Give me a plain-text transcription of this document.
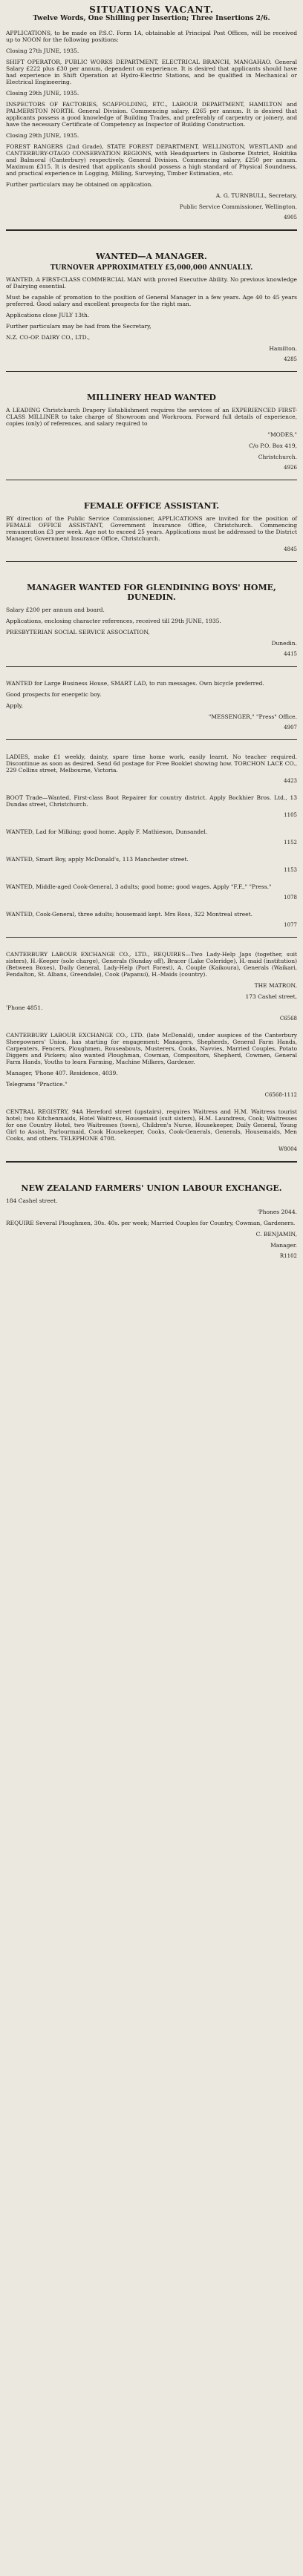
SITUATIONS VACANT.
Twelve Words, One Shilling per Insertion; Three Insertions 2/6.
APPLICATIONS, to be made on P.S.C. Form 1A, obtainable at Principal Post Offices, will be received up to NOON for the following positions:
Closing 27th JUNE, 1935.
SHIFT OPERATOR, PUBLIC WORKS DEPARTMENT, ELECTRICAL BRANCH, MANGAHAO. General Salary £222 plus £30 per annum, dependent on experience. It is desired that applicants should have had experience in Shift Operation at Hydro-Electric Stations, and be qualified in Mechanical or Electrical Engineering.
Closing 29th JUNE, 1935.
INSPECTORS OF FACTORIES, SCAFFOLDING, ETC., LABOUR DEPARTMENT, HAMILTON and PALMERSTON NORTH. General Division. Commencing salary, £265 per annum. It is desired that applicants possess a good knowledge of Building Trades, and preferably of carpentry or joinery, and have the necessary Certificate of Competency as Inspector of Building Construction.
Closing 29th JUNE, 1935.
FOREST RANGERS (2nd Grade), STATE FOREST DEPARTMENT, WELLINGTON, WESTLAND and CANTERBURY-OTAGO CONSERVATION REGIONS, with Headquarters in Gisborne District, Hokitika and Balmoral (Canterbury) respectively. General Division. Commencing salary, £250 per annum. Maximum £315. It is desired that applicants should possess a high standard of Physical Soundness, and practical experience in Logging, Milling, Surveying, Timber Estimation, etc.
Further particulars may be obtained on application.
A. G. TURNBULL, Secretary,
Public Service Commissioner, Wellington.
4905
WANTED—A MANAGER.
TURNOVER APPROXIMATELY £5,000,000 ANNUALLY.
WANTED, A FIRST-CLASS COMMERCIAL MAN with proved Executive Ability. No previous knowledge of Dairying essential.
Must be capable of promotion to the position of General Manager in a few years. Age 40 to 45 years preferred. Good salary and excellent prospects for the right man.
Applications close JULY 13th.
Further particulars may be had from the Secretary,
N.Z. CO-OP. DAIRY CO., LTD.,
Hamilton.
4285
MILLINERY HEAD WANTED
A LEADING Christchurch Drapery Establishment requires the services of an EXPERIENCED FIRST-CLASS MILLINER to take charge of Showroom and Workroom. Forward full details of experience, copies (only) of references, and salary required to
"MODES,"
C/o P.O. Box 419,
Christchurch.
4926
FEMALE OFFICE ASSISTANT.
BY direction of the Public Service Commissioner, APPLICATIONS are invited for the position of FEMALE OFFICE ASSISTANT, Government Insurance Office, Christchurch. Commencing remuneration £3 per week. Age not to exceed 25 years. Applications must be addressed to the District Manager, Government Insurance Office, Christchurch.
4845
MANAGER WANTED FOR GLENDINING BOYS' HOME, DUNEDIN.
Salary £200 per annum and board.
Applications, enclosing character references, received till 29th JUNE, 1935.
PRESBYTERIAN SOCIAL SERVICE ASSOCIATION,
Dunedin.
4415
WANTED for Large Business House, SMART LAD, to run messages. Own bicycle preferred.
Good prospects for energetic boy.
Apply,
"MESSENGER," "Press" Office.
4907
LADIES, make £1 weekly, dainty, spare time home work, easily learnt. No teacher required. Discontinue as soon as desired. Send 6d postage for Free Booklet showing how. TORCHON LACE CO., 229 Collins street, Melbourne, Victoria.
4423
BOOT Trade—Wanted, First-class Boot Repairer for country district. Apply Bockhier Bros. Ltd., 13 Dundas street, Christchurch.
1105
WANTED, Lad for Milking; good home. Apply F. Mathieson, Dunsandel.
1152
WANTED, Smart Boy, apply McDonald's, 113 Manchester street.
1153
WANTED, Middle-aged Cook-General, 3 adults; good home; good wages. Apply "F.F.," "Press."
1078
WANTED, Cook-General, three adults; housemaid kept. Mrs Ross, 322 Montreal street.
1077
CANTERBURY LABOUR EXCHANGE CO., LTD., REQUIRES—Two Lady-Help Japs (together, suit sisters), H.-Keeper (sole charge), Generals (Sunday off), Bracer (Lake Coleridge), H.-maid (institution) (Between Boxes), Daily General, Lady-Help (Port Forest), A. Couple (Kaikoura), Generals (Waikari, Fendalton, St. Albans, Greendale), Cook (Papanui), H.-Maids (country).
THE MATRON,
173 Cashel street,
'Phone 4851.
C6568
CANTERBURY LABOUR EXCHANGE CO., LTD. (late McDonald), under auspices of the Canterbury Sheepowners' Union, has starting for engagement: Managers, Shepherds, General Farm Hands, Carpenters, Fencers, Ploughmen, Rouseabouts, Musterers, Cooks, Navvies, Married Couples, Potato Diggers and Pickers; also wanted Ploughman, Cowman, Compositors, Shepherd, Cowmen, General Farm Hands, Youths to learn Farming, Machine Milkers, Gardener.
Manager, 'Phone 407. Residence, 4039.
Telegrams "Practice."
C6568-1112
CENTRAL REGISTRY, 94A Hereford street (upstairs), requires Waitress and H.M. Waitress tourist hotel; two Kitchenmaids, Hotel Waitress, Housemaid (suit sisters), H.M. Laundress, Cook; Waitresses for one Country Hotel, two Waitresses (town), Children's Nurse, Housekeeper, Daily General, Young Girl to Assist, Parlourmaid, Cook Housekeeper, Cooks, Cook-Generals, Generals, Housemaids, Men Cooks, and others. TELEPHONE 4708.
W8004
NEW ZEALAND FARMERS' UNION LABOUR EXCHANGE.
184 Cashel street.
'Phones 2044.
REQUIRE Several Ploughmen, 30s. 40s. per week; Married Couples for Country, Cowman, Gardeners.
C. BENJAMIN,
Manager.
R1102
